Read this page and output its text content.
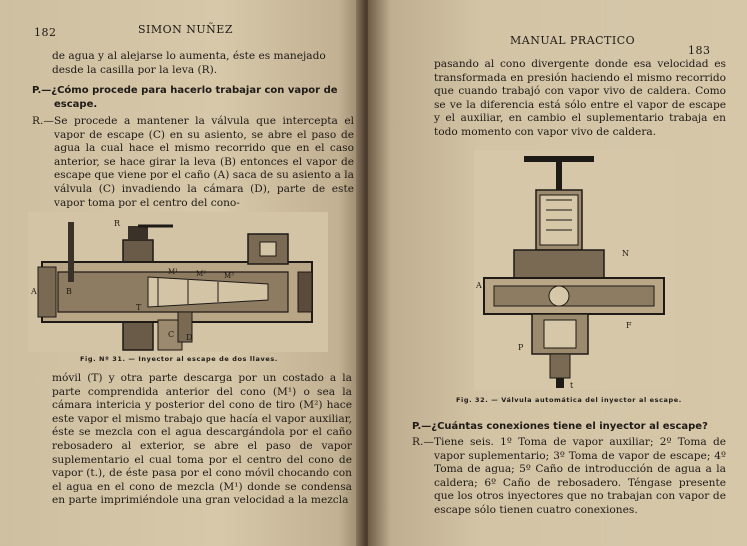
182	SIMON NUÑEZ

de agua y al alejarse lo aumenta, éste es manejado desde la casilla por la leva (R).

P.—¿Cómo procede para hacerlo trabajar con vapor de escape.
R.—Se procede a mantener la válvula que intercepta el vapor de escape (C) en su asiento, se abre el paso de agua la cual hace el mismo recorrido que en el caso anterior, se hace girar la leva (B) entonces el vapor de escape que viene por el caño (A) saca de su asiento a la válvula (C) invadiendo la cámara (D), parte de este vapor toma por el centro del cono-
A
R
B
M¹	M²	M³
C
T
D
Fig. Nº 31. — Inyector al escape de dos llaves.
móvil (T) y otra parte descarga por un costado a la parte comprendida anterior del cono (M¹) o sea la cámara intericia y posterior del cono de tiro (M²) hace este vapor el mismo trabajo que hacía el vapor auxiliar, éste se mezcla con el agua descargándola por el caño rebosadero al exterior, se abre el paso de vapor suplementario el cual toma por el centro del cono de vapor (t.), de éste pasa por el cono móvil chocando con el agua en el cono de mezcla (M¹) donde se condensa en parte imprimiéndole una gran velocidad a la mezcla
MANUAL PRACTICO
183
pasando al cono divergente donde esa velocidad es transformada en presión haciendo el mismo recorrido que cuando trabajó con vapor vivo de caldera. Como se ve la diferencia está sólo entre el vapor de escape y el auxiliar, en cambio el suplementario trabaja en todo momento con vapor vivo de caldera.
N
A
F
P
t
Fig. 32. — Válvula automática del inyector al escape.
P.—¿Cuántas conexiones tiene el inyector al escape?
R.—Tiene seis. 1º Toma de vapor auxiliar; 2º Toma de vapor suplementario; 3º Toma de vapor de escape; 4º Toma de agua; 5º Caño de introducción de agua a la caldera; 6º Caño de rebosadero. Téngase presente que los otros inyectores que no trabajan con vapor de escape sólo tienen cuatro conexiones.
